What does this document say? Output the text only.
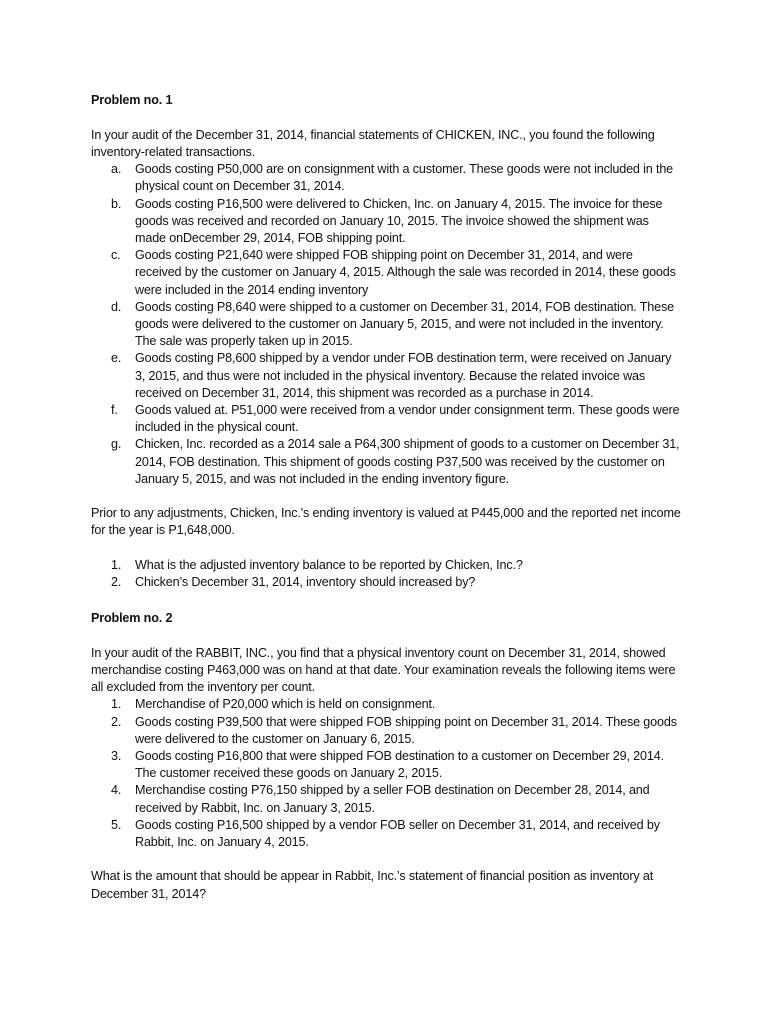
Problem no. 1

In your audit of the December 31, 2014, financial statements of CHICKEN, INC., you found the following inventory-related transactions.

a. Goods costing P50,000 are on consignment with a customer. These goods were not included in the physical count on December 31, 2014.
b. Goods costing P16,500 were delivered to Chicken, Inc. on January 4, 2015. The invoice for these goods was received and recorded on January 10, 2015. The invoice showed the shipment was made onDecember 29, 2014, FOB shipping point.
c. Goods costing P21,640 were shipped FOB shipping point on December 31, 2014, and were received by the customer on January 4, 2015. Although the sale was recorded in 2014, these goods were included in the 2014 ending inventory
d. Goods costing P8,640 were shipped to a customer on December 31, 2014, FOB destination. These goods were delivered to the customer on January 5, 2015, and were not included in the inventory. The sale was properly taken up in 2015.
e. Goods costing P8,600 shipped by a vendor under FOB destination term, were received on January 3, 2015, and thus were not included in the physical inventory. Because the related invoice was received on December 31, 2014, this shipment was recorded as a purchase in 2014.
f. Goods valued at. P51,000 were received from a vendor under consignment term. These goods were included in the physical count.
g. Chicken, Inc. recorded as a 2014 sale a P64,300 shipment of goods to a customer on December 31, 2014, FOB destination. This shipment of goods costing P37,500 was received by the customer on January 5, 2015, and was not included in the ending inventory figure.

Prior to any adjustments, Chicken, Inc.'s ending inventory is valued at P445,000 and the reported net income for the year is P1,648,000.

1. What is the adjusted inventory balance to be reported by Chicken, Inc.?
2. Chicken’s December 31, 2014, inventory should increased by?

Problem no. 2

In your audit of the RABBIT, INC., you find that a physical inventory count on December 31, 2014, showed merchandise costing P463,000 was on hand at that date. Your examination reveals the following items were all excluded from the inventory per count.

1. Merchandise of P20,000 which is held on consignment.
2. Goods costing P39,500 that were shipped FOB shipping point on December 31, 2014. These goods were delivered to the customer on January 6, 2015.
3. Goods costing P16,800 that were shipped FOB destination to a customer on December 29, 2014. The customer received these goods on January 2, 2015.
4. Merchandise costing P76,150 shipped by a seller FOB destination on December 28, 2014, and received by Rabbit, Inc. on January 3, 2015.
5. Goods costing P16,500 shipped by a vendor FOB seller on December 31, 2014, and received by Rabbit, Inc. on January 4, 2015.

What is the amount that should be appear in Rabbit, Inc.’s statement of financial position as inventory at December 31, 2014?
